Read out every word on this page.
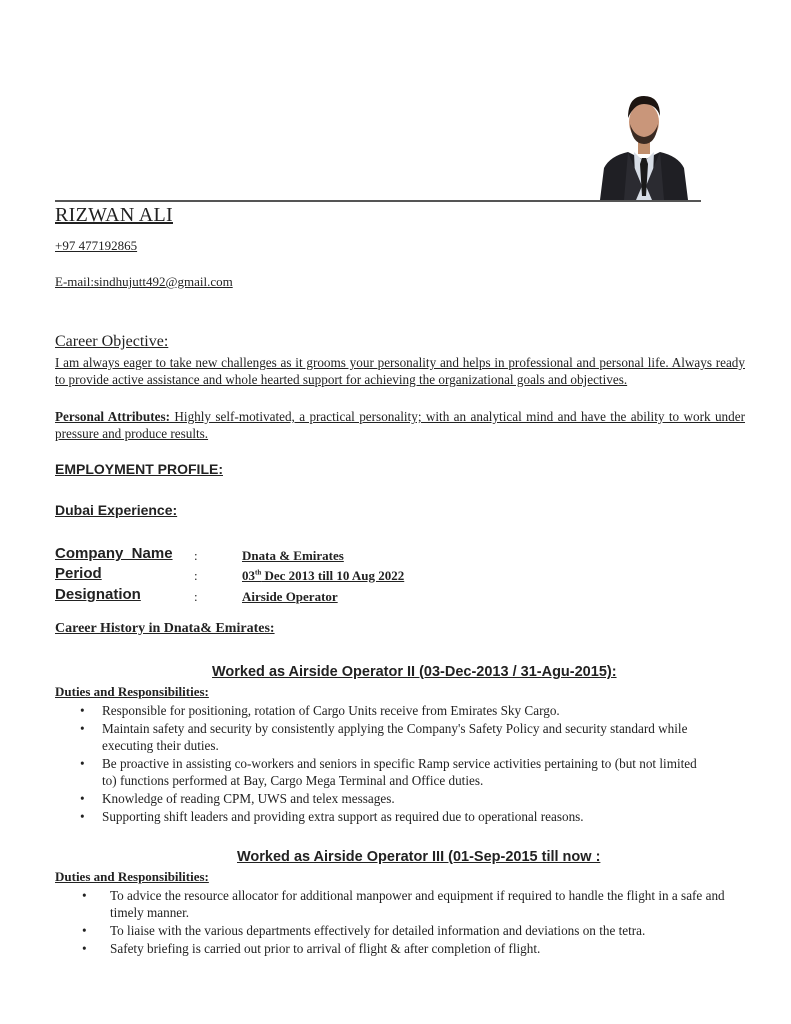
RIZWAN ALI
+97 477192865
E-mail:sindhujutt492@gmail.com
Career Objective:
I am always eager to take new challenges as it grooms your personality and helps in professional and personal life. Always ready to provide active assistance and whole hearted support for achieving the organizational goals and objectives.
Personal Attributes: Highly self-motivated, a practical personality; with an analytical mind and have the ability to work under pressure and produce results.
EMPLOYMENT PROFILE:
Dubai Experience:
Company  Name :	Dnata & Emirates
Period	:	03th Dec 2013 till 10 Aug 2022
Designation	:	Airside Operator
Career History in Dnata& Emirates:
Worked as Airside Operator II (03-Dec-2013 / 31-Agu-2015):
Duties and Responsibilities:
• Responsible for positioning, rotation of Cargo Units receive from Emirates Sky Cargo.
• Maintain safety and security by consistently applying the Company's Safety Policy and security standard while executing their duties.
• Be proactive in assisting co-workers and seniors in specific Ramp service activities pertaining to (but not limited to) functions performed at Bay, Cargo Mega Terminal and Office duties.
• Knowledge of reading CPM, UWS and telex messages.
• Supporting shift leaders and providing extra support as required due to operational reasons.
Worked as Airside Operator III (01-Sep-2015 till now :
Duties and Responsibilities:
• To advice the resource allocator for additional manpower and equipment if required to handle the flight in a safe and timely manner.
• To liaise with the various departments effectively for detailed information and deviations on the tetra.
• Safety briefing is carried out prior to arrival of flight & after completion of flight.
